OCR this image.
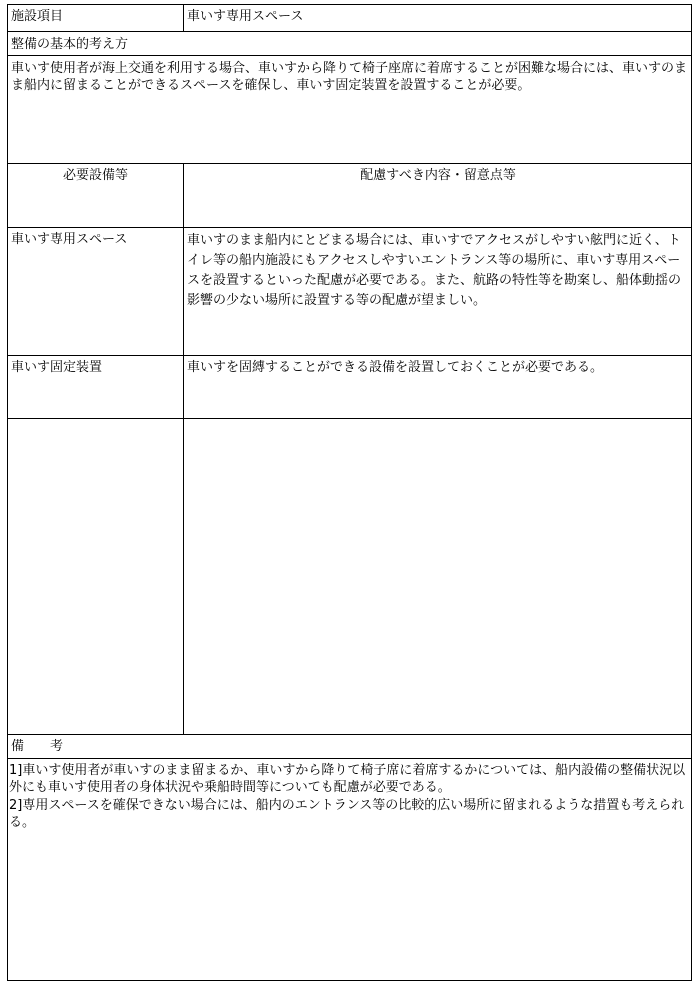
施設項目	車いす専用スペース
整備の基本的考え方
車いす使用者が海上交通を利用する場合、車いすから降りて椅子座席に着席することが困難な場合には、車いすのまま船内に留まることができるスペースを確保し、車いす固定装置を設置することが必要。
必要設備等	配慮すべき内容・留意点等
車いす専用スペース	車いすのまま船内にとどまる場合には、車いすでアクセスがしやすい舷門に近く、トイレ等の船内施設にもアクセスしやすいエントランス等の場所に、車いす専用スペースを設置するといった配慮が必要である。また、航路の特性等を勘案し、船体動揺の影響の少ない場所に設置する等の配慮が望ましい。
車いす固定装置	車いすを固縛することができる設備を設置しておくことが必要である。
備　　考
1]車いす使用者が車いすのまま留まるか、車いすから降りて椅子席に着席するかについては、船内設備の整備状況以外にも車いす使用者の身体状況や乗船時間等についても配慮が必要である。
2]専用スペースを確保できない場合には、船内のエントランス等の比較的広い場所に留まれるような措置も考えられる。
